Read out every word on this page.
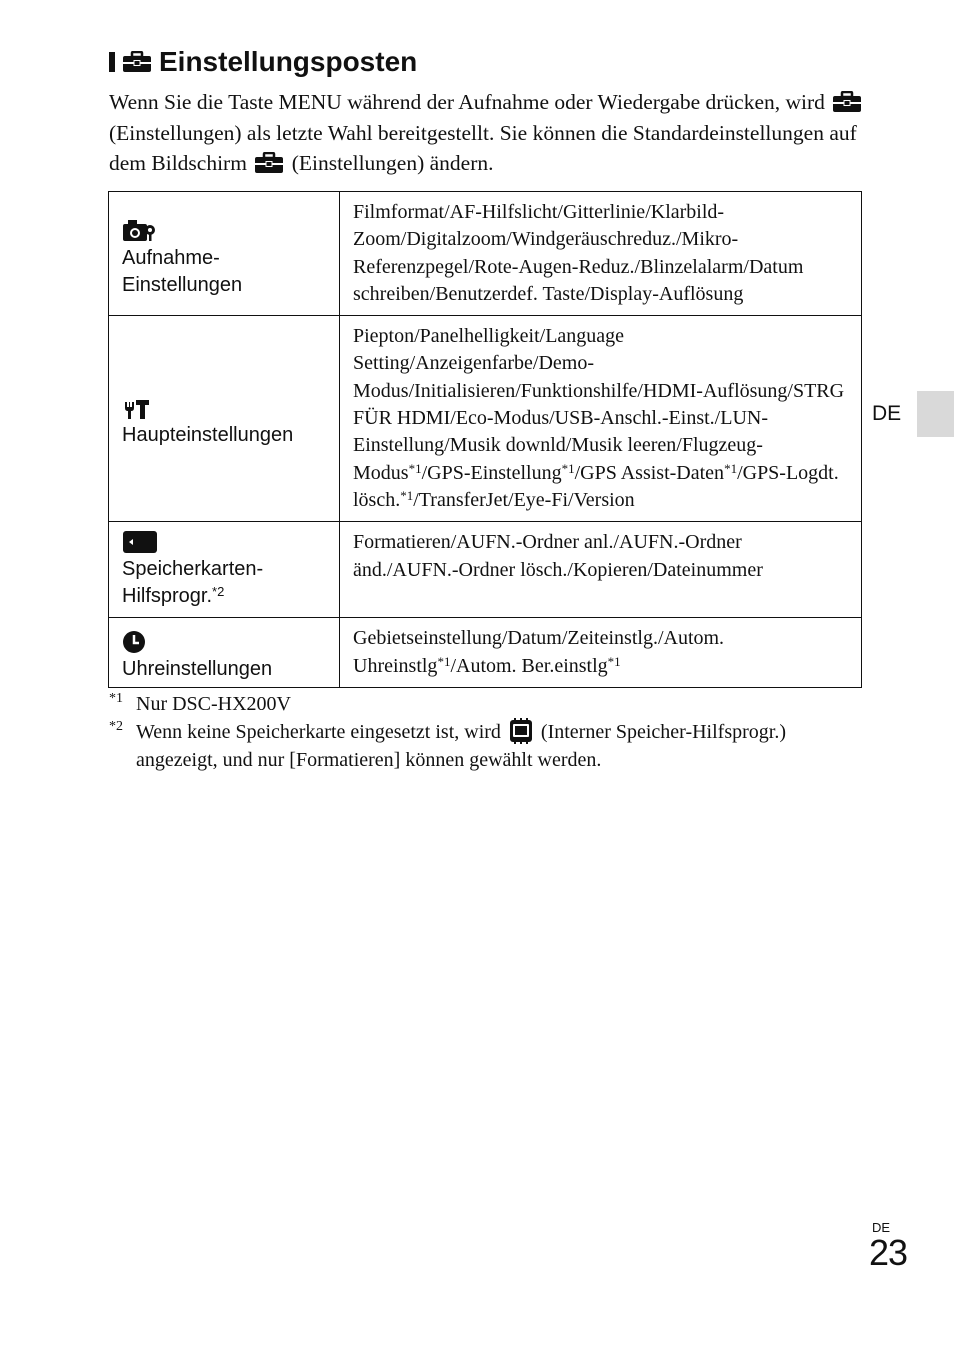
Einstellungsposten

Wenn Sie die Taste MENU während der Aufnahme oder Wiedergabe drücken, wird  (Einstellungen) als letzte Wahl bereitgestellt. Sie können die Standardeinstellungen auf dem Bildschirm (Einstellungen) ändern.

Aufnahme-Einstellungen	Filmformat/AF-Hilfslicht/Gitterlinie/Klarbild-Zoom/Digitalzoom/Windgeräuschreduz./Mikro-Referenzpegel/Rote-Augen-Reduz./Blinzelalarm/Datum schreiben/Benutzerdef. Taste/Display-Auflösung

Haupteinstellungen	Piepton/Panelhelligkeit/Language Setting/Anzeigenfarbe/Demo-Modus/Initialisieren/Funktionshilfe/HDMI-Auflösung/STRG FÜR HDMI/Eco-Modus/USB-Anschl.-Einst./LUN-Einstellung/Musik downld/Musik leeren/Flugzeug-Modus$^{*1}$/GPS-Einstellung$^{*1}$/GPS Assist-Daten$^{*1}$/GPS-Logdt. lösch.$^{*1}$/TransferJet/Eye-Fi/Version

Speicherkarten-Hilfsprogr.$^{*2}$	Formatieren/AUFN.-Ordner anl./AUFN.-Ordner änd./AUFN.-Ordner lösch./Kopieren/Dateinummer

Uhreinstellungen	Gebietseinstellung/Datum/Zeiteinstlg./Autom. Uhreinstlg$^{*1}$/Autom. Ber.einstlg$^{*1}$
*1 Nur DSC-HX200V
*2 Wenn keine Speicherkarte eingesetzt ist, wird (Interner Speicher-Hilfsprogr.) angezeigt, und nur [Formatieren] können gewählt werden.
DE
DE
23
